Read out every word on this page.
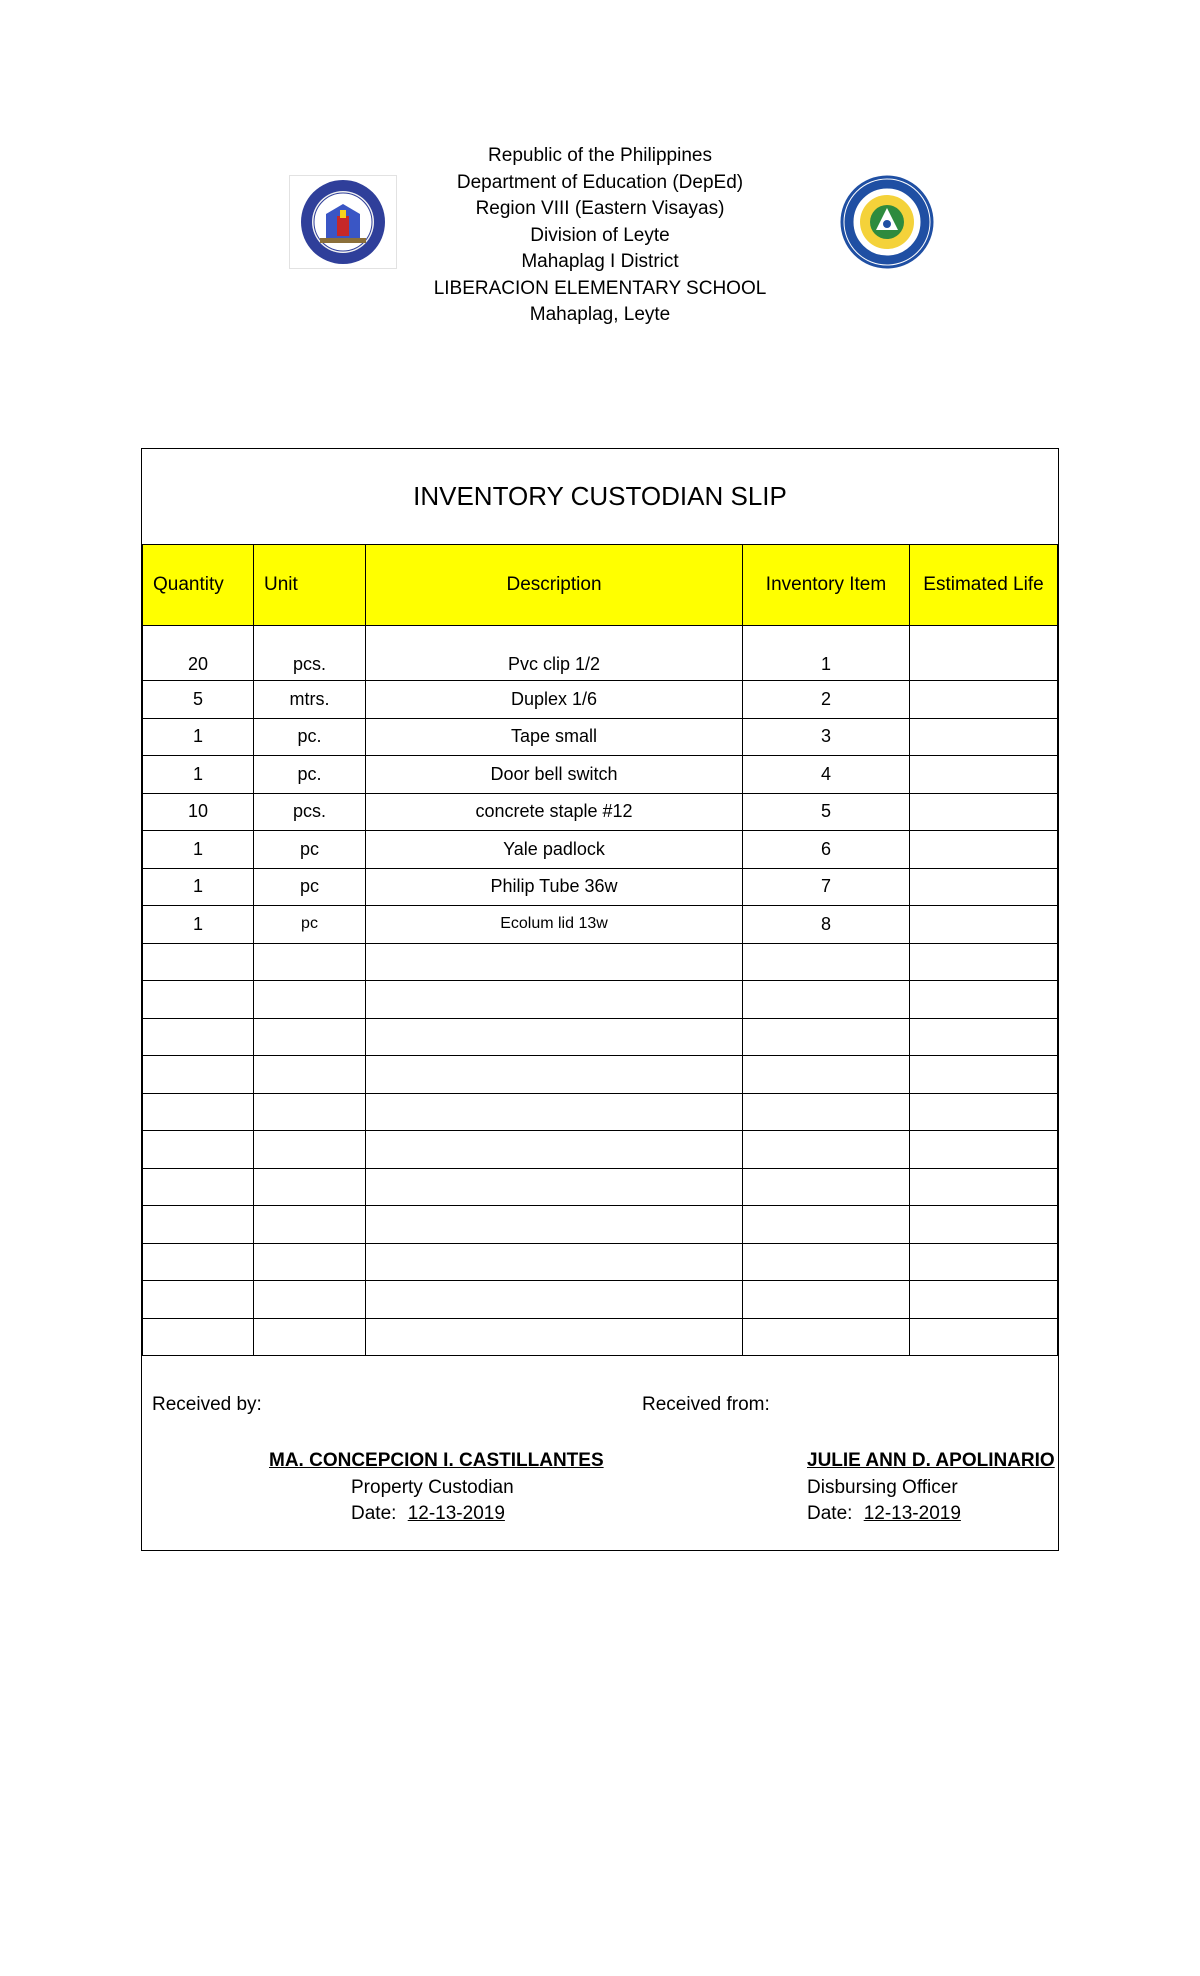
Republic of the Philippines
Department of Education (DepEd)
Region VIII (Eastern Visayas)
Division of Leyte
Mahaplag I District
LIBERACION ELEMENTARY SCHOOL
Mahaplag, Leyte
INVENTORY CUSTODIAN SLIP
Quantity	Unit	Description	Inventory Item	Estimated Life

20	pcs.	Pvc clip 1/2	1	

5	mtrs.	Duplex 1/6	2	

1	pc.	Tape small	3	

1	pc.	Door bell switch	4	

10	pcs.	concrete staple #12	5	

1	pc	Yale padlock	6	

1	pc	Philip Tube 36w	7	

1	pc	Ecolum lid 13w	8	

Received by:	Received from:
MA. CONCEPCION I. CASTILLANTES
Property Custodian
Date: 12-13-2019
JULIE ANN D. APOLINARIO
Disbursing Officer
Date: 12-13-2019
